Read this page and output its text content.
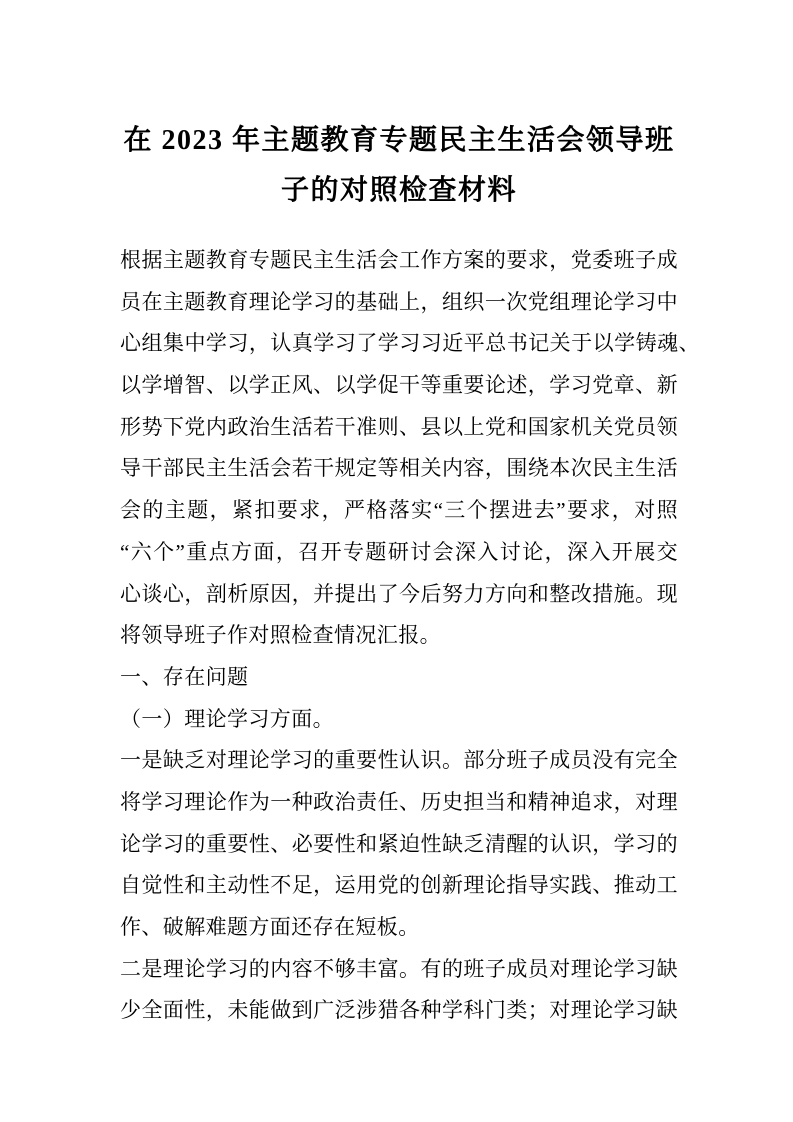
在 2023 年主题教育专题民主生活会领导班
子的对照检查材料
根据主题教育专题民主生活会工作方案的要求，党委班子成
员在主题教育理论学习的基础上，组织一次党组理论学习中
心组集中学习，认真学习了学习习近平总书记关于以学铸魂、
以学增智、以学正风、以学促干等重要论述，学习党章、新
形势下党内政治生活若干准则、县以上党和国家机关党员领
导干部民主生活会若干规定等相关内容，围绕本次民主生活
会的主题，紧扣要求，严格落实“三个摆进去”要求，对照
“六个”重点方面，召开专题研讨会深入讨论，深入开展交
心谈心，剖析原因，并提出了今后努力方向和整改措施。现
将领导班子作对照检查情况汇报。
一、存在问题
（一）理论学习方面。
一是缺乏对理论学习的重要性认识。部分班子成员没有完全
将学习理论作为一种政治责任、历史担当和精神追求，对理
论学习的重要性、必要性和紧迫性缺乏清醒的认识，学习的
自觉性和主动性不足，运用党的创新理论指导实践、推动工
作、破解难题方面还存在短板。
二是理论学习的内容不够丰富。有的班子成员对理论学习缺
少全面性，未能做到广泛涉猎各种学科门类；对理论学习缺
